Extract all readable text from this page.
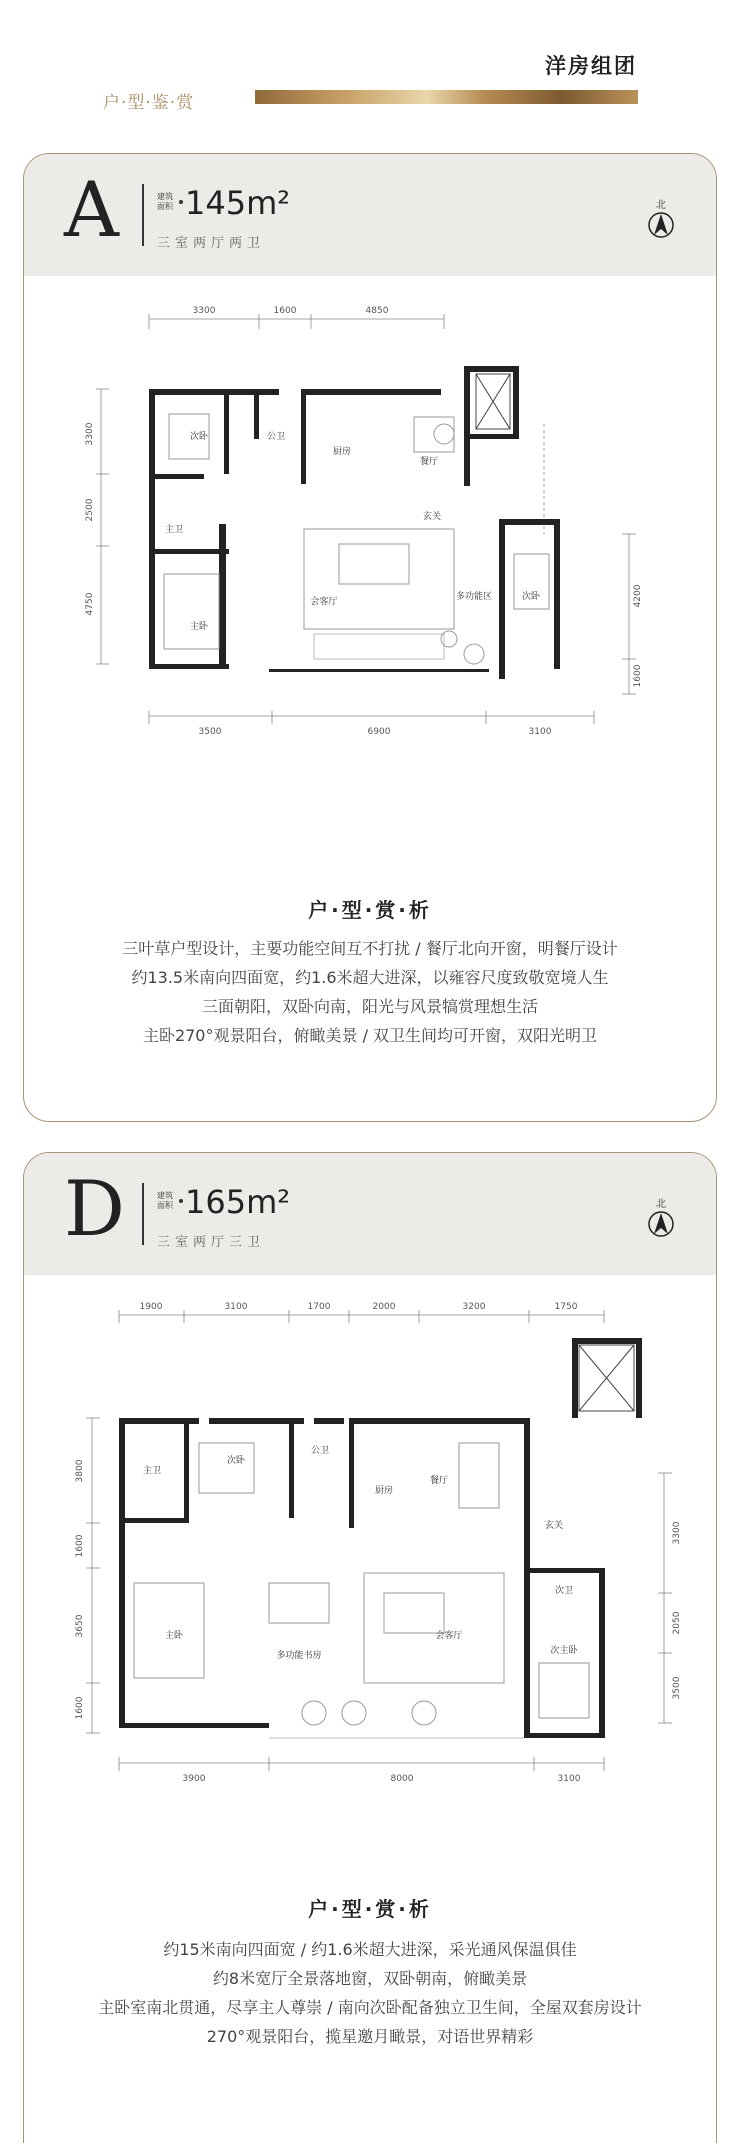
洋房组团
户·型·鉴·赏
A	建筑面积 145m²
三室两厅两卫
北
3300	1600	4850
3500	6900	3100
3300
2500
4750	4200
1600
次卧	公卫
厨房
餐厅
玄关
主卫
会客厅	多功能区	次卧
主卧
户·型·赏·析
三叶草户型设计，主要功能空间互不打扰 / 餐厅北向开窗，明餐厅设计
约13.5米南向四面宽，约1.6米超大进深，以雍容尺度致敬宽境人生
三面朝阳，双卧向南，阳光与风景犒赏理想生活
主卧270°观景阳台，俯瞰美景 / 双卫生间均可开窗，双阳光明卫
D	建筑面积 165m²
三室两厅三卫
北
1900	3100	1700	2000	3200	1750
3900	8000	3100
3800
1600
3650
1600
3300
2050
3500
主卫
次卧
公卫
厨房
餐厅
玄关
主卧
多功能书房
会客厅
次卫
次主卧
户·型·赏·析
约15米南向四面宽 / 约1.6米超大进深，采光通风保温俱佳
约8米宽厅全景落地窗，双卧朝南，俯瞰美景
主卧室南北贯通，尽享主人尊崇 / 南向次卧配备独立卫生间，全屋双套房设计
270°观景阳台，揽星邀月瞰景，对语世界精彩
